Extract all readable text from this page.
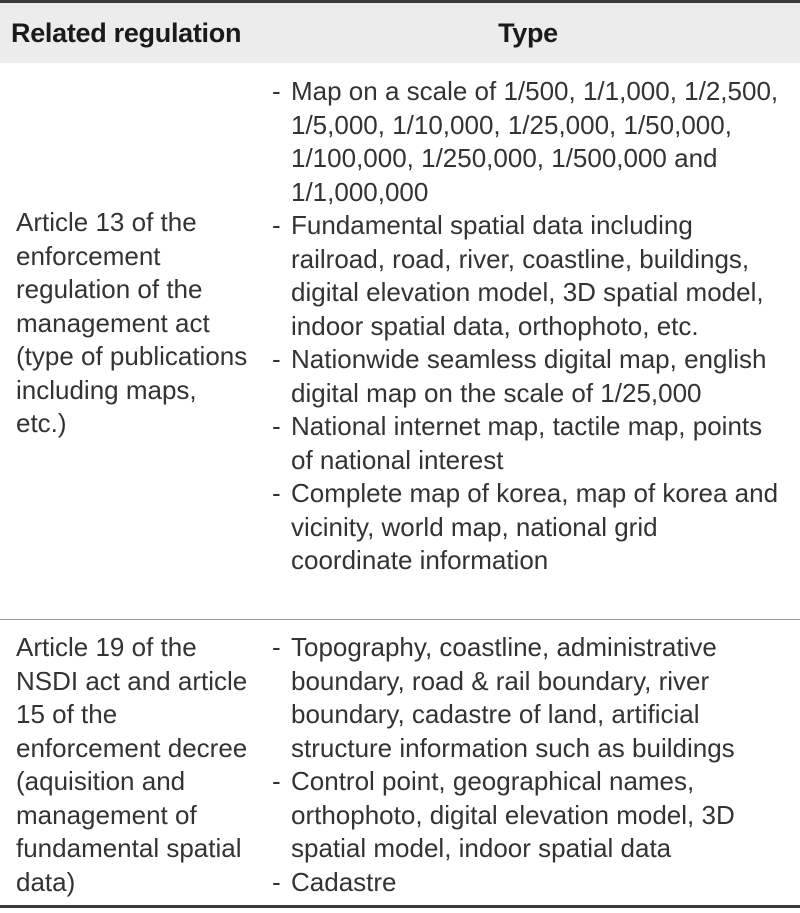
Related regulation	Type
Article 13 of the enforcement regulation of the management act (type of publications including maps, etc.)
- Map on a scale of 1/500, 1/1,000, 1/2,500, 1/5,000, 1/10,000, 1/25,000, 1/50,000, 1/100,000, 1/250,000, 1/500,000 and 1/1,000,000
- Fundamental spatial data including railroad, road, river, coastline, buildings, digital elevation model, 3D spatial model, indoor spatial data, orthophoto, etc.
- Nationwide seamless digital map, english digital map on the scale of 1/25,000
- National internet map, tactile map, points of national interest
- Complete map of korea, map of korea and vicinity, world map, national grid coordinate information
Article 19 of the NSDI act and article 15 of the enforcement decree (aquisition and management of fundamental spatial data)
- Topography, coastline, administrative boundary, road & rail boundary, river boundary, cadastre of land, artificial structure information such as buildings
- Control point, geographical names, orthophoto, digital elevation model, 3D spatial model, indoor spatial data
- Cadastre
